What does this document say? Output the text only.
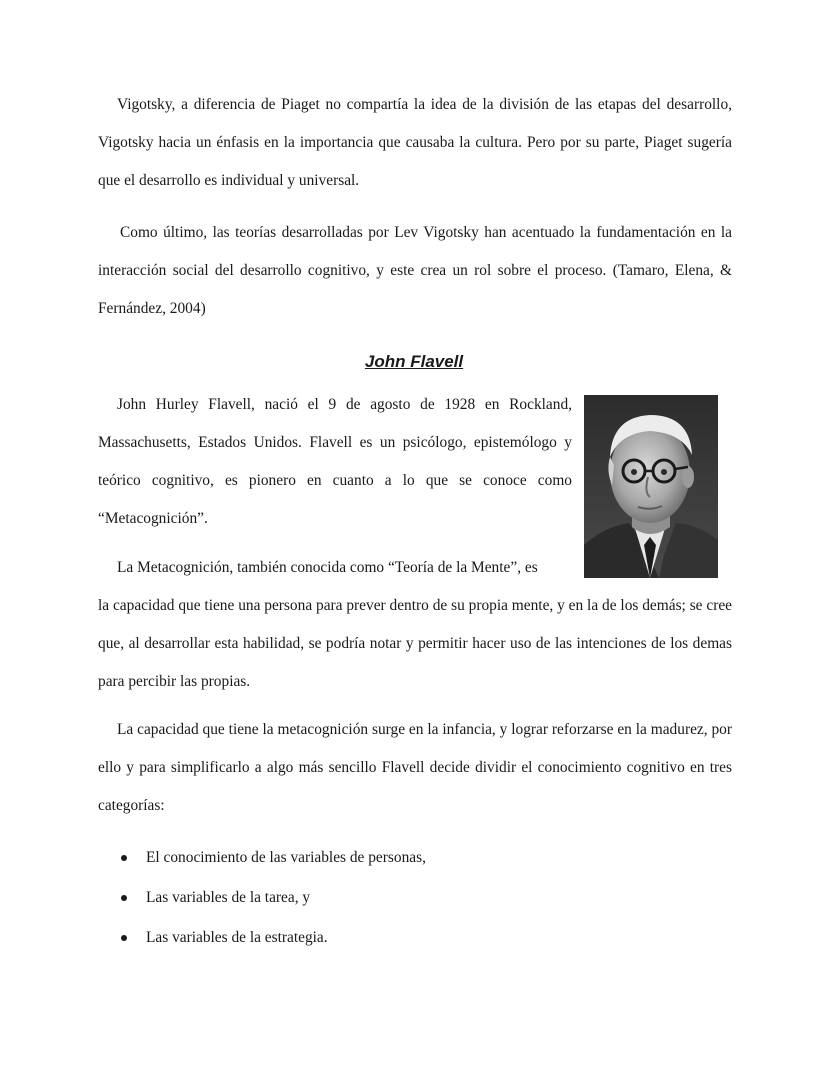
Vigotsky, a diferencia de Piaget no compartía la idea de la división de las etapas del desarrollo, Vigotsky hacia un énfasis en la importancia que causaba la cultura. Pero por su parte, Piaget sugería que el desarrollo es individual y universal.

Como último, las teorías desarrolladas por Lev Vigotsky han acentuado la fundamentación en la interacción social del desarrollo cognitivo, y este crea un rol sobre el proceso. (Tamaro, Elena, & Fernández, 2004)

John Flavell

John Hurley Flavell, nació el 9 de agosto de 1928 en Rockland, Massachusetts, Estados Unidos. Flavell es un psicólogo, epistemólogo y teórico cognitivo, es pionero en cuanto a lo que se conoce como “Metacognición”.

La Metacognición, también conocida como “Teoría de la Mente”, es

la capacidad que tiene una persona para prever dentro de su propia mente, y en la de los demás; se cree que, al desarrollar esta habilidad, se podría notar y permitir hacer uso de las intenciones de los demas para percibir las propias.

La capacidad que tiene la metacognición surge en la infancia, y lograr reforzarse en la madurez, por ello y para simplificarlo a algo más sencillo Flavell decide dividir el conocimiento cognitivo en tres categorías:

El conocimiento de las variables de personas,
Las variables de la tarea, y
Las variables de la estrategia.
